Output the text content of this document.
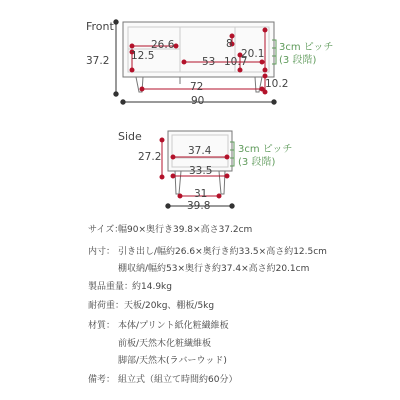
Front
26.6	8
12.5	20.1
53 10.7
37.2
72	10.2
90
3cm ピッチ
(3 段階)
Side
37.4
27.2
33.5
31
39.8
3cm ピッチ
(3 段階)
サイズ：
幅90×奥行き39.8×高さ37.2cm
内寸： 引き出し/幅約26.6×奥行き約33.5×高さ約12.5cm
棚収納/幅約53×奥行き約37.4×高さ約20.1cm
製品重量：
約14.9kg
耐荷重： 天板/20kg、棚板/5kg
材質： 本体/プリント紙化粧繊維板
前板/天然木化粧繊維板
脚部/天然木(ラバーウッド)
備考： 組立式（組立て時間約60分）
